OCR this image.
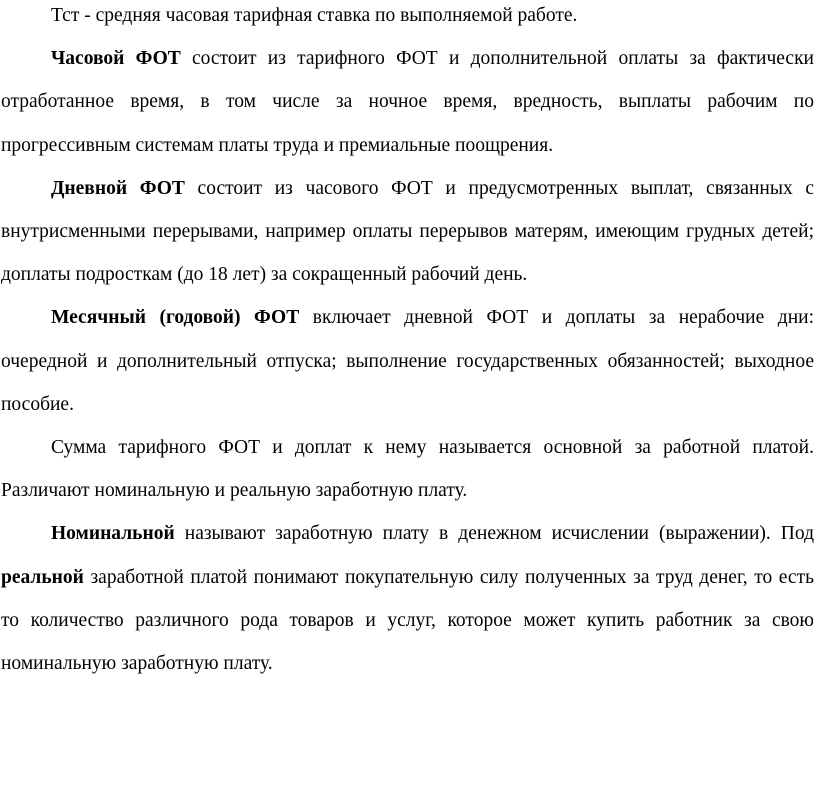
Тст - средняя часовая тарифная ставка по выполняемой работе.

Часовой ФОТ состоит из тарифного ФОТ и дополнительной оплаты за фактически отработанное время, в том числе за ночное время, вредность, выплаты рабочим по прогрессивным системам платы труда и премиальные поощрения.

Дневной ФОТ состоит из часового ФОТ и предусмотренных выплат, связанных с внутрисменными перерывами, например оплаты перерывов матерям, имеющим грудных детей; доплаты подросткам (до 18 лет) за сокращенный рабочий день.

Месячный (годовой) ФОТ включает дневной ФОТ и доплаты за нерабочие дни: очередной и дополнительный отпуска; выполнение государственных обязанностей; выходное пособие.

Сумма тарифного ФОТ и доплат к нему называется основной за работной платой. Различают номинальную и реальную заработную плату.

Номинальной называют заработную плату в денежном исчислении (выражении). Под реальной заработной платой понимают покупательную силу полученных за труд денег, то есть то количество различного рода товаров и услуг, которое может купить работник за свою номинальную заработную плату.
